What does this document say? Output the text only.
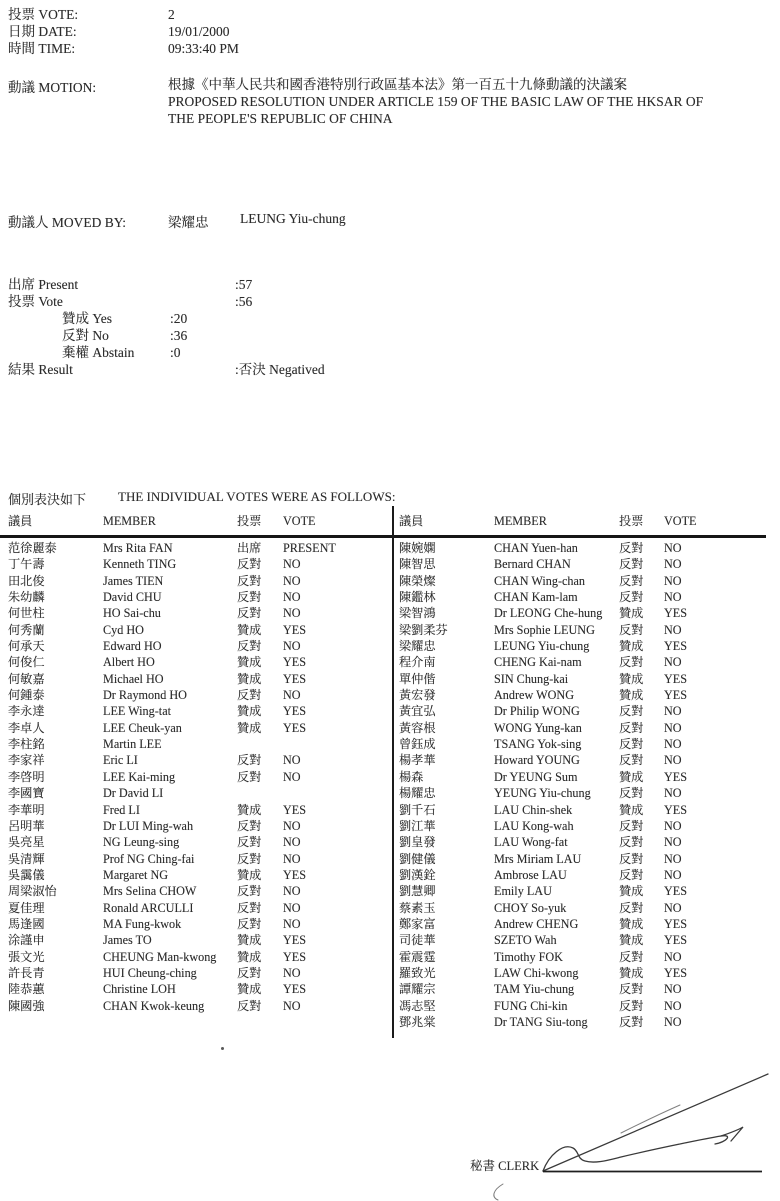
投票 VOTE:	2
日期 DATE:	19/01/2000
時間 TIME:	09:33:40 PM
動議 MOTION:	根據《中華人民共和國香港特別行政區基本法》第一百五十九條動議的決議案
PROPOSED RESOLUTION UNDER ARTICLE 159 OF THE BASIC LAW OF THE HKSAR OF
THE PEOPLE'S REPUBLIC OF CHINA
動議人 MOVED BY:	梁耀忠 LEUNG Yiu-chung
出席 Present	:57
投票 Vote	:56
贊成 Yes	:20
反對 No	:36
棄權 Abstain	:0
結果 Result	:否決 Negatived
個別表決如下 THE INDIVIDUAL VOTES WERE AS FOLLOWS:
議員	MEMBER	投票	VOTE
范徐麗泰	Mrs Rita FAN	出席	PRESENT
丁午壽	Kenneth TING	反對	NO
田北俊	James TIEN	反對	NO
朱幼麟	David CHU	反對	NO
何世柱	HO Sai-chu	反對	NO
何秀蘭	Cyd HO	贊成	YES
何承天	Edward HO	反對	NO
何俊仁	Albert HO	贊成	YES
何敏嘉	Michael HO	贊成	YES
何鍾泰	Dr Raymond HO	反對	NO
李永達	LEE Wing-tat	贊成	YES
李卓人	LEE Cheuk-yan	贊成	YES
李柱銘	Martin LEE
李家祥	Eric LI	反對	NO
李啓明	LEE Kai-ming	反對	NO
李國寶	Dr David LI
李華明	Fred LI	贊成	YES
呂明華	Dr LUI Ming-wah	反對	NO
吳亮星	NG Leung-sing	反對	NO
吳清輝	Prof NG Ching-fai	反對	NO
吳靄儀	Margaret NG	贊成	YES
周梁淑怡	Mrs Selina CHOW	反對	NO
夏佳理	Ronald ARCULLI	反對	NO
馬逢國	MA Fung-kwok	反對	NO
涂謹申	James TO	贊成	YES
張文光	CHEUNG Man-kwong	贊成	YES
許長青	HUI Cheung-ching	反對	NO
陸恭蕙	Christine LOH	贊成	YES
陳國強	CHAN Kwok-keung	反對	NO
議員	MEMBER	投票	VOTE
陳婉嫻	CHAN Yuen-han	反對	NO
陳智思	Bernard CHAN	反對	NO
陳榮燦	CHAN Wing-chan	反對	NO
陳鑑林	CHAN Kam-lam	反對	NO
梁智鴻	Dr LEONG Che-hung	贊成	YES
梁劉柔芬	Mrs Sophie LEUNG	反對	NO
梁耀忠	LEUNG Yiu-chung	贊成	YES
程介南	CHENG Kai-nam	反對	NO
單仲偕	SIN Chung-kai	贊成	YES
黃宏發	Andrew WONG	贊成	YES
黃宜弘	Dr Philip WONG	反對	NO
黃容根	WONG Yung-kan	反對	NO
曾鈺成	TSANG Yok-sing	反對	NO
楊孝華	Howard YOUNG	反對	NO
楊森	Dr YEUNG Sum	贊成	YES
楊耀忠	YEUNG Yiu-chung	反對	NO
劉千石	LAU Chin-shek	贊成	YES
劉江華	LAU Kong-wah	反對	NO
劉皇發	LAU Wong-fat	反對	NO
劉健儀	Mrs Miriam LAU	反對	NO
劉漢銓	Ambrose LAU	反對	NO
劉慧卿	Emily LAU	贊成	YES
蔡素玉	CHOY So-yuk	反對	NO
鄭家富	Andrew CHENG	贊成	YES
司徒華	SZETO Wah	贊成	YES
霍震霆	Timothy FOK	反對	NO
羅致光	LAW Chi-kwong	贊成	YES
譚耀宗	TAM Yiu-chung	反對	NO
馮志堅	FUNG Chi-kin	反對	NO
鄧兆棠	Dr TANG Siu-tong	反對	NO
秘書 CLERK
